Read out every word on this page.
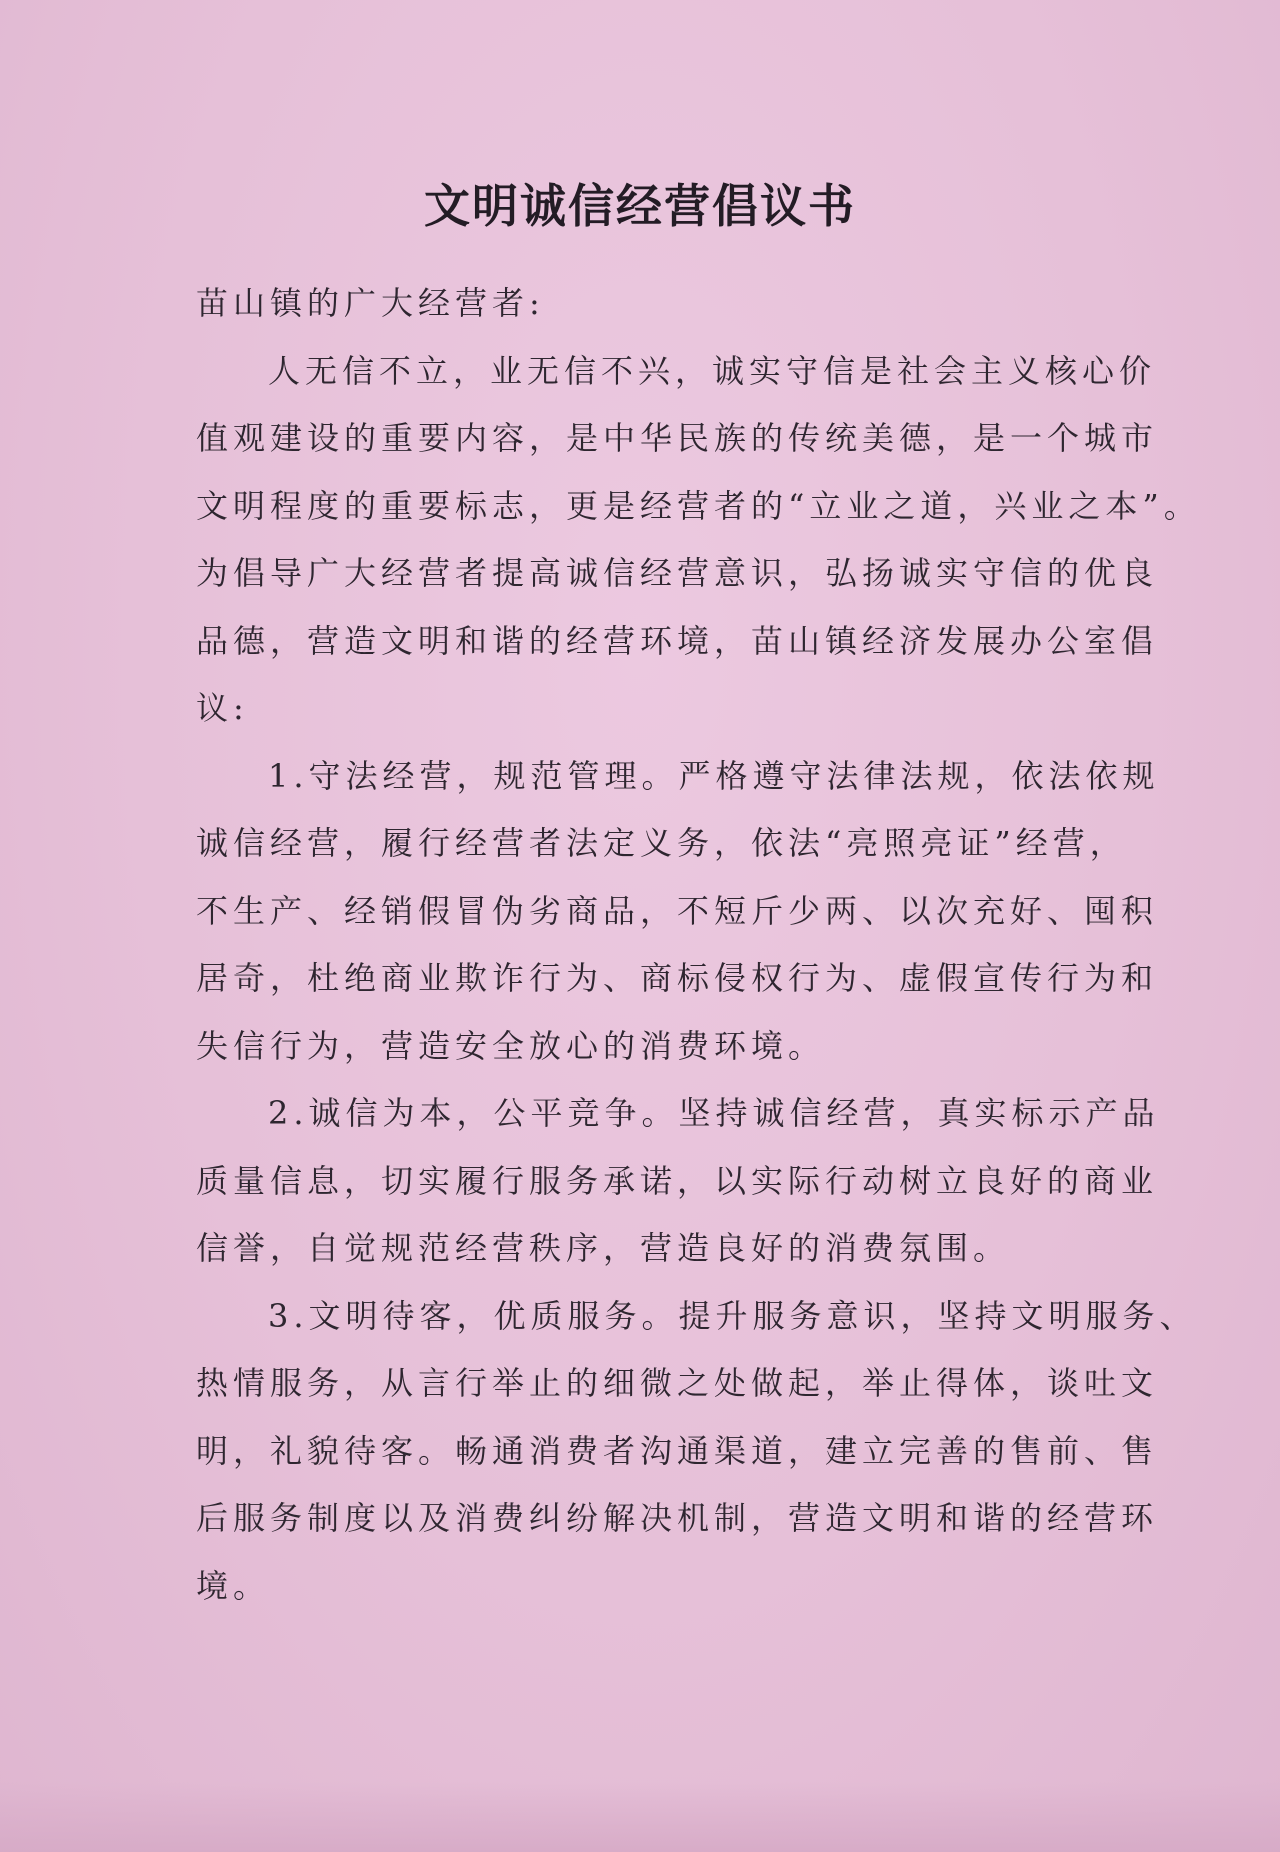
文明诚信经营倡议书
苗山镇的广大经营者:
人无信不立，业无信不兴，诚实守信是社会主义核心价
值观建设的重要内容，是中华民族的传统美德，是一个城市
文明程度的重要标志，更是经营者的“立业之道，兴业之本”。
为倡导广大经营者提高诚信经营意识，弘扬诚实守信的优良
品德，营造文明和谐的经营环境，苗山镇经济发展办公室倡
议:
1.守法经营，规范管理。严格遵守法律法规，依法依规
诚信经营，履行经营者法定义务，依法“亮照亮证”经营，
不生产、经销假冒伪劣商品，不短斤少两、以次充好、囤积
居奇，杜绝商业欺诈行为、商标侵权行为、虚假宣传行为和
失信行为，营造安全放心的消费环境。
2.诚信为本，公平竞争。坚持诚信经营，真实标示产品
质量信息，切实履行服务承诺，以实际行动树立良好的商业
信誉，自觉规范经营秩序，营造良好的消费氛围。
3.文明待客，优质服务。提升服务意识，坚持文明服务、
热情服务，从言行举止的细微之处做起，举止得体，谈吐文
明，礼貌待客。畅通消费者沟通渠道，建立完善的售前、售
后服务制度以及消费纠纷解决机制，营造文明和谐的经营环
境。
